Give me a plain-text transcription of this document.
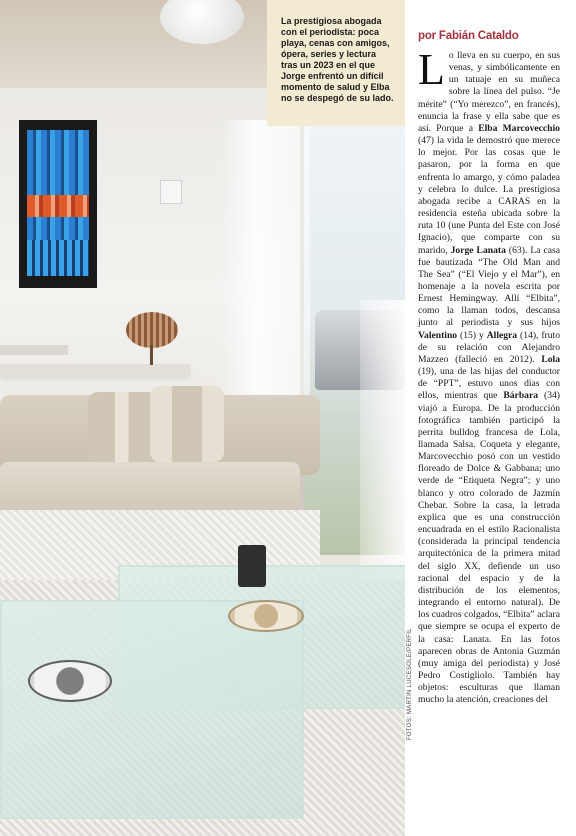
FOTOS: MARTIN LUCESOLE/PERFIL
La prestigiosa abogada con el periodista: poca playa, cenas con amigos, ópera, series y lectura tras un 2023 en el que Jorge enfrentó un difícil momento de salud y Elba no se despegó de su lado.
por Fabián Cataldo

Lo lleva en su cuerpo, en sus venas, y simbólicamente en un tatuaje en su muñeca sobre la línea del pulso. “Je mérite” (“Yo merezco”, en francés), enuncia la frase y ella sabe que es así. Porque a Elba Marcovecchio (47) la vida le demostró que merece lo mejor. Por las cosas que le pasaron, por la forma en que enfrenta lo amargo, y cómo paladea y celebra lo dulce. La prestigiosa abogada recibe a CARAS en la residencia esteña ubicada sobre la ruta 10 (une Punta del Este con José Ignacio), que comparte con su marido, Jorge Lanata (63). La casa fue bautizada “The Old Man and The Sea” (“El Viejo y el Mar”), en homenaje a la novela escrita por Ernest Hemingway. Allí “Elbita”, como la llaman todos, descansa junto al periodista y sus hijos Valentino (15) y Allegra (14), fruto de su relación con Alejandro Mazzeo (falleció en 2012). Lola (19), una de las hijas del conductor de “PPT”, estuvo unos días con ellos, mientras que Bárbara (34) viajó a Europa. De la producción fotográfica también participó la perrita bulldog francesa de Lola, llamada Salsa. Coqueta y elegante, Marcovecchio posó con un vestido floreado de Dolce & Gabbana; uno verde de “Etiqueta Negra”; y uno blanco y otro colorado de Jazmín Chebar. Sobre la casa, la letrada explica que es una construcción encuadrada en el estilo Racionalista (considerada la principal tendencia arquitectónica de la primera mitad del siglo XX, defiende un uso racional del espacio y de la distribución de los elementos, integrando el entorno natural). De los cuadros colgados, “Elbita” aclara que siempre se ocupa el experto de la casa: Lanata. En las fotos aparecen obras de Antonia Guzmán (muy amiga del periodista) y José Pedro Costigliolo. También hay objetos: esculturas que llaman mucho la atención, creaciones del
